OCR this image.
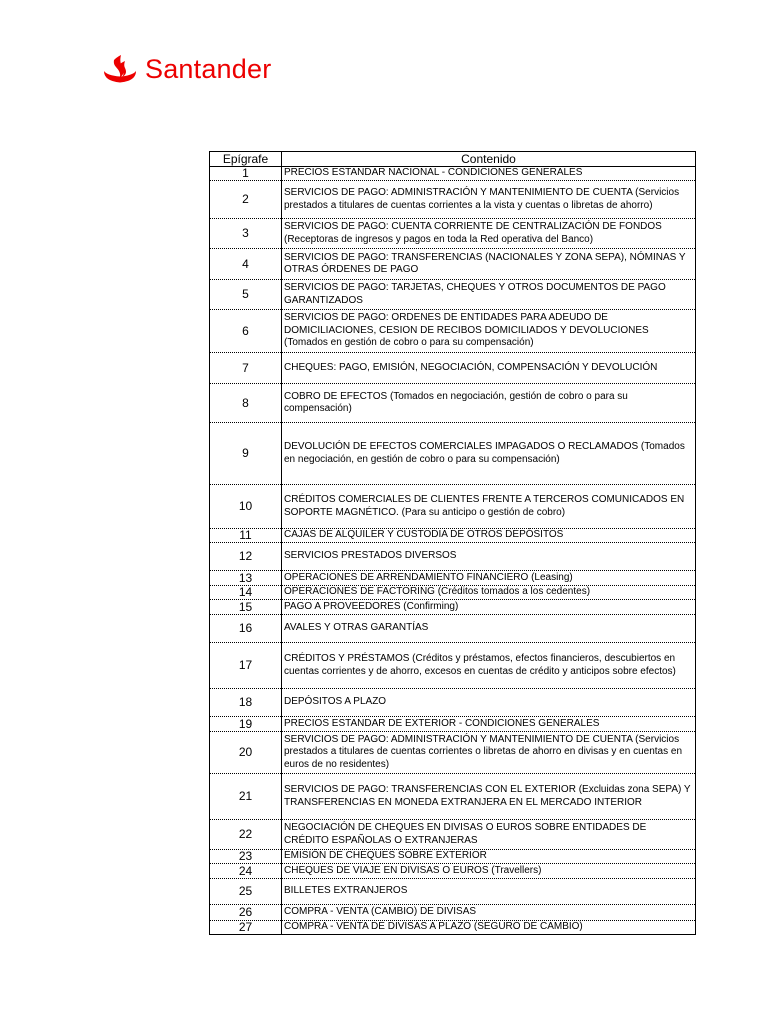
Santander
Epígrafe	Contenido
1	PRECIOS ESTANDAR NACIONAL - CONDICIONES GENERALES
2	SERVICIOS DE PAGO: ADMINISTRACIÓN Y MANTENIMIENTO DE CUENTA (Servicios prestados a titulares de cuentas corrientes a la vista y cuentas o libretas de ahorro)
3	SERVICIOS DE PAGO: CUENTA CORRIENTE DE CENTRALIZACIÓN DE FONDOS (Receptoras de ingresos y pagos en toda la Red operativa del Banco)
4	SERVICIOS DE PAGO: TRANSFERENCIAS (NACIONALES Y ZONA SEPA), NÓMINAS Y OTRAS ÓRDENES DE PAGO
5	SERVICIOS DE PAGO: TARJETAS, CHEQUES Y OTROS DOCUMENTOS DE PAGO GARANTIZADOS
6	SERVICIOS DE PAGO: ORDENES DE ENTIDADES PARA ADEUDO DE DOMICILIACIONES, CESION DE RECIBOS DOMICILIADOS Y DEVOLUCIONES (Tomados en gestión de cobro o para su compensación)
7	CHEQUES: PAGO, EMISIÓN, NEGOCIACIÓN, COMPENSACIÓN Y DEVOLUCIÓN
8	COBRO DE EFECTOS (Tomados en negociación, gestión de cobro o para su compensación)
9	DEVOLUCIÓN DE EFECTOS COMERCIALES IMPAGADOS O RECLAMADOS (Tomados en negociación, en gestión de cobro o para su compensación)
10	CRÉDITOS COMERCIALES DE CLIENTES FRENTE A TERCEROS COMUNICADOS EN SOPORTE MAGNÉTICO. (Para su anticipo o gestión de cobro)
11	CAJAS DE ALQUILER Y CUSTODIA DE OTROS DEPÓSITOS
12	SERVICIOS PRESTADOS DIVERSOS
13	OPERACIONES DE ARRENDAMIENTO FINANCIERO (Leasing)
14	OPERACIONES DE FACTORING (Créditos tomados a los cedentes)
15	PAGO A PROVEEDORES (Confirming)
16	AVALES Y OTRAS GARANTÍAS
17	CRÉDITOS Y PRÉSTAMOS (Créditos y préstamos, efectos financieros, descubiertos en cuentas corrientes y de ahorro, excesos en cuentas de crédito y anticipos sobre efectos)
18	DEPÓSITOS A PLAZO
19	PRECIOS ESTANDAR DE EXTERIOR - CONDICIONES GENERALES
20	SERVICIOS DE PAGO: ADMINISTRACIÓN Y MANTENIMIENTO DE CUENTA (Servicios prestados a titulares de cuentas corrientes o libretas de ahorro en divisas y en cuentas en euros de no residentes)
21	SERVICIOS DE PAGO: TRANSFERENCIAS CON EL EXTERIOR (Excluidas zona SEPA) Y TRANSFERENCIAS EN MONEDA EXTRANJERA EN EL MERCADO INTERIOR
22	NEGOCIACIÓN DE CHEQUES EN DIVISAS O EUROS SOBRE ENTIDADES DE CRÉDITO ESPAÑOLAS O EXTRANJERAS
23	EMISIÓN DE CHEQUES SOBRE EXTERIOR
24	CHEQUES DE VIAJE EN DIVISAS O EUROS (Travellers)
25	BILLETES EXTRANJEROS
26	COMPRA - VENTA (CAMBIO) DE DIVISAS
27	COMPRA - VENTA DE DIVISAS A PLAZO (SEGURO DE CAMBIO)
